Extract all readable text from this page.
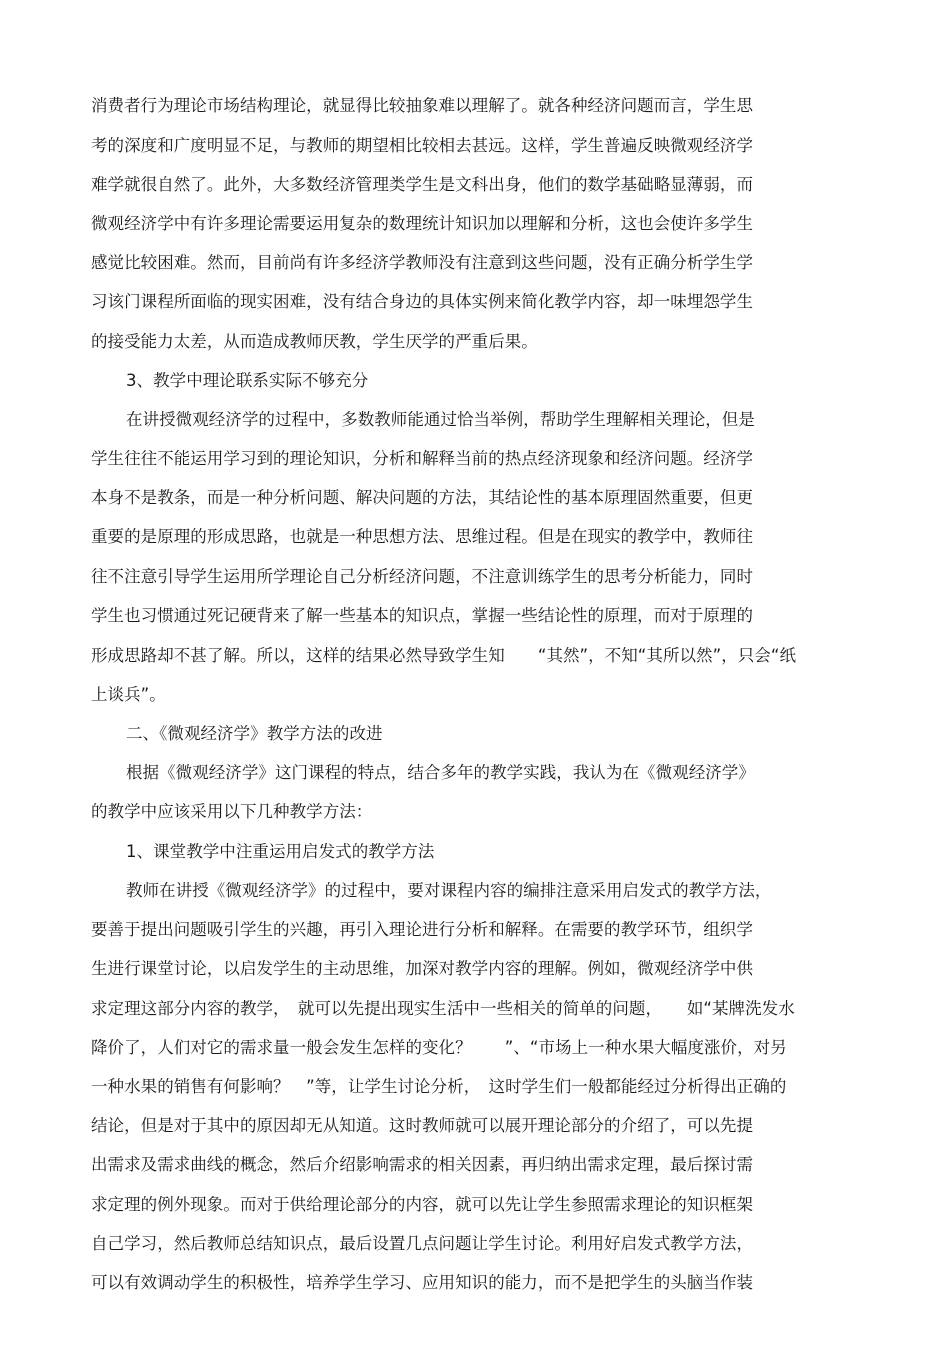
消费者行为理论市场结构理论，就显得比较抽象难以理解了。就各种经济问题而言，学生思
考的深度和广度明显不足，与教师的期望相比较相去甚远。这样，学生普遍反映微观经济学
难学就很自然了。此外，大多数经济管理类学生是文科出身，他们的数学基础略显薄弱，而
微观经济学中有许多理论需要运用复杂的数理统计知识加以理解和分析，这也会使许多学生
感觉比较困难。然而，目前尚有许多经济学教师没有注意到这些问题，没有正确分析学生学
习该门课程所面临的现实困难，没有结合身边的具体实例来简化教学内容，却一味埋怨学生
的接受能力太差，从而造成教师厌教，学生厌学的严重后果。
3、教学中理论联系实际不够充分
在讲授微观经济学的过程中，多数教师能通过恰当举例，帮助学生理解相关理论，但是
学生往往不能运用学习到的理论知识，分析和解释当前的热点经济现象和经济问题。经济学
本身不是教条，而是一种分析问题、解决问题的方法，其结论性的基本原理固然重要，但更
重要的是原理的形成思路，也就是一种思想方法、思维过程。但是在现实的教学中，教师往
往不注意引导学生运用所学理论自己分析经济问题，不注意训练学生的思考分析能力，同时
学生也习惯通过死记硬背来了解一些基本的知识点，掌握一些结论性的原理，而对于原理的
形成思路却不甚了解。所以，这样的结果必然导致学生知　　“其然”，不知“其所以然”，只会“纸
上谈兵”。
二、《微观经济学》教学方法的改进
根据《微观经济学》这门课程的特点，结合多年的教学实践，我认为在《微观经济学》
的教学中应该采用以下几种教学方法：
1、课堂教学中注重运用启发式的教学方法
教师在讲授《微观经济学》的过程中，要对课程内容的编排注意采用启发式的教学方法，
要善于提出问题吸引学生的兴趣，再引入理论进行分析和解释。在需要的教学环节，组织学
生进行课堂讨论，以启发学生的主动思维，加深对教学内容的理解。例如，微观经济学中供
求定理这部分内容的教学，　就可以先提出现实生活中一些相关的简单的问题，　　如“某牌洗发水
降价了，人们对它的需求量一般会发生怎样的变化？　　”、“市场上一种水果大幅度涨价，对另
一种水果的销售有何影响？　”等，让学生讨论分析，　这时学生们一般都能经过分析得出正确的
结论，但是对于其中的原因却无从知道。这时教师就可以展开理论部分的介绍了，可以先提
出需求及需求曲线的概念，然后介绍影响需求的相关因素，再归纳出需求定理，最后探讨需
求定理的例外现象。而对于供给理论部分的内容，就可以先让学生参照需求理论的知识框架
自己学习，然后教师总结知识点，最后设置几点问题让学生讨论。利用好启发式教学方法，
可以有效调动学生的积极性，培养学生学习、应用知识的能力，而不是把学生的头脑当作装
